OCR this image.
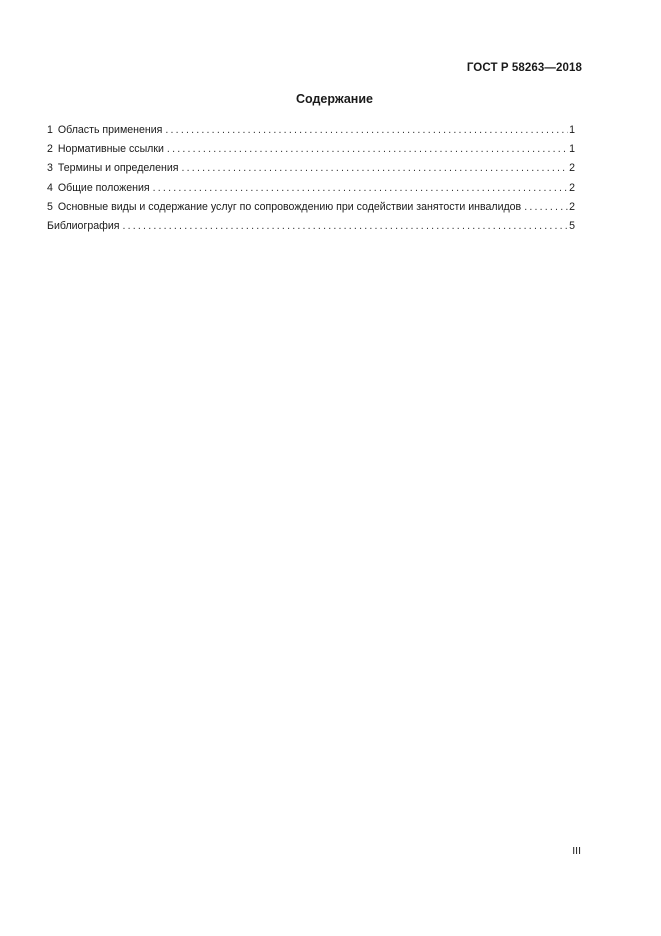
ГОСТ Р 58263—2018
Содержание
1 Область применения .....	1
2 Нормативные ссылки .....	1
3 Термины и определения .....	2
4 Общие положения .....	2
5 Основные виды и содержание услуг по сопровождению при содействии занятости инвалидов .....	2
Библиография .....	5
III
